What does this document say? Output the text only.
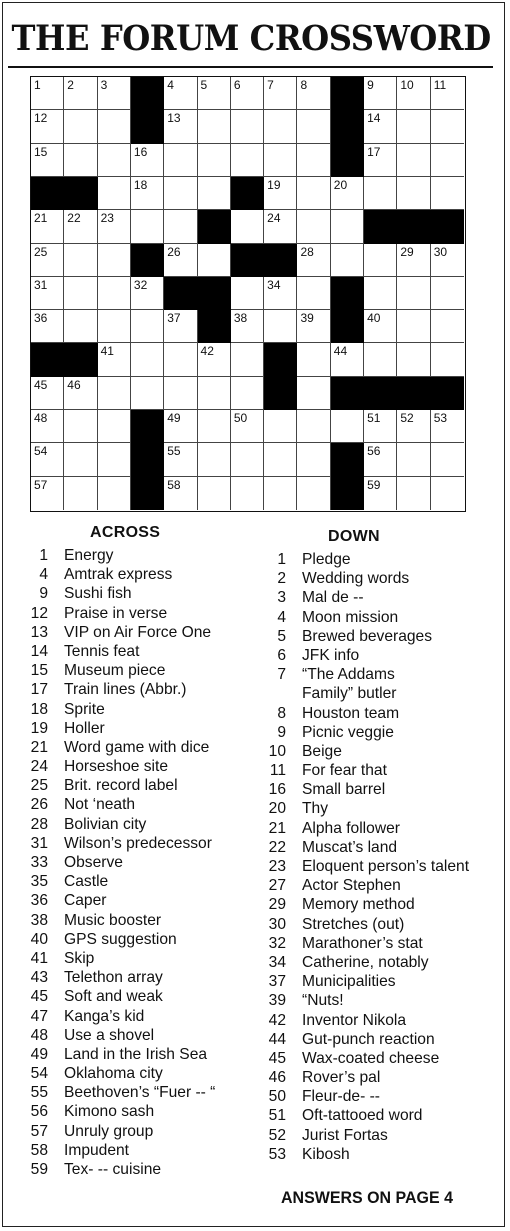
THE FORUM CROSSWORD
1 2 3	4 5 6 7 8	9 10 11
12	13	14
15	16	17
18	19	20
21 22 23	24
25	26	28	29 30
31	32	34
36	37	38	39	40
41	42	44
45 46
48	49	50	51 52 53
54	55	56
57	58	59
ACROSS
1 Energy
4 Amtrak express
9 Sushi fish
12 Praise in verse
13 VIP on Air Force One
14 Tennis feat
15 Museum piece
17 Train lines (Abbr.)
18 Sprite
19 Holler
21 Word game with dice
24 Horseshoe site
25 Brit. record label
26 Not ‘neath
28 Bolivian city
31 Wilson’s predecessor
33 Observe
35 Castle
36 Caper
38 Music booster
40 GPS suggestion
41 Skip
43 Telethon array
45 Soft and weak
47 Kanga’s kid
48 Use a shovel
49 Land in the Irish Sea
54 Oklahoma city
55 Beethoven’s “Fuer -- “
56 Kimono sash
57 Unruly group
58 Impudent
59 Tex- -- cuisine
DOWN
1 Pledge
2 Wedding words
3 Mal de --
4 Moon mission
5 Brewed beverages
6 JFK info
7 “The Addams
Family” butler
8 Houston team
9 Picnic veggie
10 Beige
11 For fear that
16 Small barrel
20 Thy
21 Alpha follower
22 Muscat’s land
23 Eloquent person’s talent
27 Actor Stephen
29 Memory method
30 Stretches (out)
32 Marathoner’s stat
34 Catherine, notably
37 Municipalities
39 “Nuts!
42 Inventor Nikola
44 Gut-punch reaction
45 Wax-coated cheese
46 Rover’s pal
50 Fleur-de- --
51 Oft-tattooed word
52 Jurist Fortas
53 Kibosh
ANSWERS ON PAGE 4
